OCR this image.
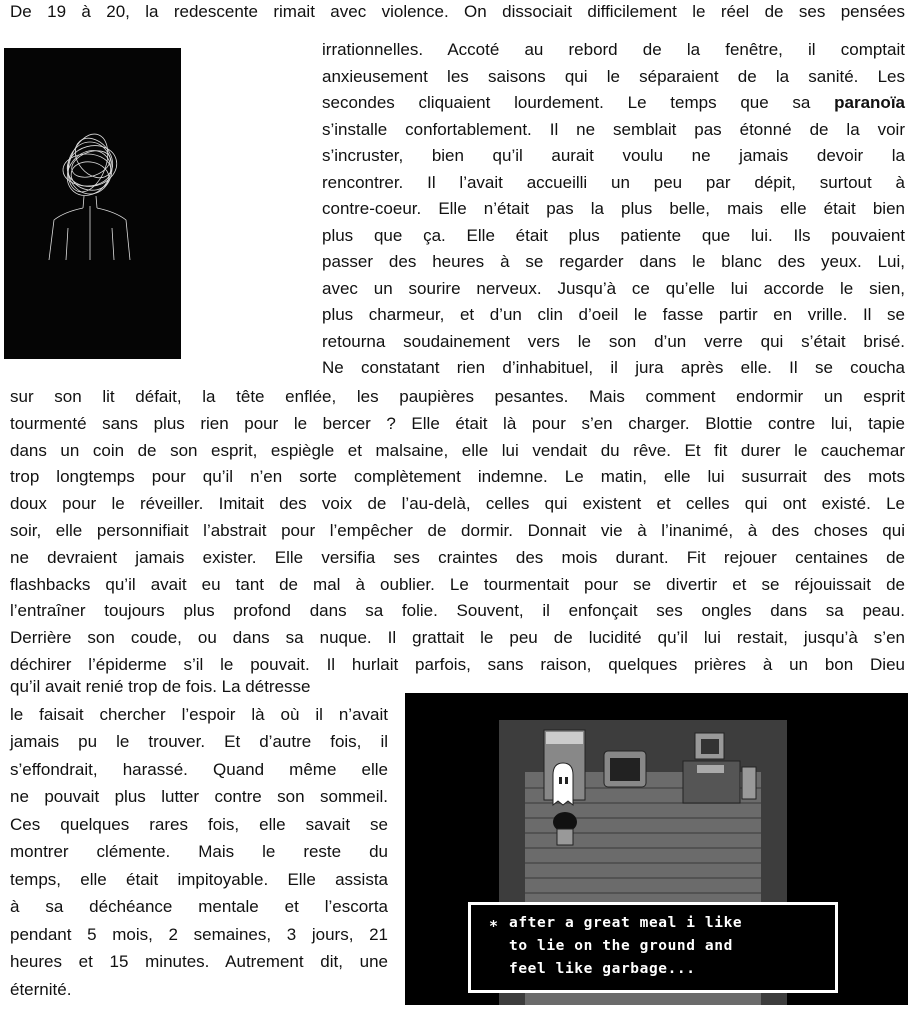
De 19 à 20, la redescente rimait avec violence. On dissociait difficilement le réel de ses pensées
irrationnelles. Accoté au rebord de la fenêtre, il comptait
anxieusement les saisons qui le séparaient de la sanité. Les
secondes cliquaient lourdement. Le temps que sa paranoïa
s’installe confortablement. Il ne semblait pas étonné de la voir
s’incruster, bien qu’il aurait voulu ne jamais devoir la
rencontrer. Il l’avait accueilli un peu par dépit, surtout à
contre-coeur. Elle n’était pas la plus belle, mais elle était bien
plus que ça. Elle était plus patiente que lui. Ils pouvaient
passer des heures à se regarder dans le blanc des yeux. Lui,
avec un sourire nerveux. Jusqu’à ce qu’elle lui accorde le sien,
plus charmeur, et d’un clin d’oeil le fasse partir en vrille. Il se
retourna soudainement vers le son d’un verre qui s’était brisé.
Ne constatant rien d’inhabituel, il jura après elle. Il se coucha
sur son lit défait, la tête enflée, les paupières pesantes. Mais comment endormir un esprit
tourmenté sans plus rien pour le bercer ? Elle était là pour s’en charger. Blottie contre lui, tapie
dans un coin de son esprit, espiègle et malsaine, elle lui vendait du rêve. Et fit durer le cauchemar
trop longtemps pour qu’il n’en sorte complètement indemne. Le matin, elle lui susurrait des mots
doux pour le réveiller. Imitait des voix de l’au-delà, celles qui existent et celles qui ont existé. Le
soir, elle personnifiait l’abstrait pour l’empêcher de dormir. Donnait vie à l’inanimé, à des choses qui
ne devraient jamais exister. Elle versifia ses craintes des mois durant. Fit rejouer centaines de
flashbacks qu’il avait eu tant de mal à oublier. Le tourmentait pour se divertir et se réjouissait de
l’entraîner toujours plus profond dans sa folie. Souvent, il enfonçait ses ongles dans sa peau.
Derrière son coude, ou dans sa nuque. Il grattait le peu de lucidité qu’il lui restait, jusqu’à s’en
déchirer l’épiderme s’il le pouvait. Il hurlait parfois, sans raison, quelques prières à un bon Dieu
qu’il avait renié trop de fois. La détresse
le faisait chercher l’espoir là où il n’avait
jamais pu le trouver. Et d’autre fois, il
s’effondrait, harassé. Quand même elle
ne pouvait plus lutter contre son sommeil.
Ces quelques rares fois, elle savait se
montrer clémente. Mais le reste du
temps, elle était impitoyable. Elle assista
à sa déchéance mentale et l’escorta
pendant 5 mois, 2 semaines, 3 jours, 21
heures et 15 minutes. Autrement dit, une
éternité.
* after a great meal i like
to lie on the ground and
feel like garbage...
